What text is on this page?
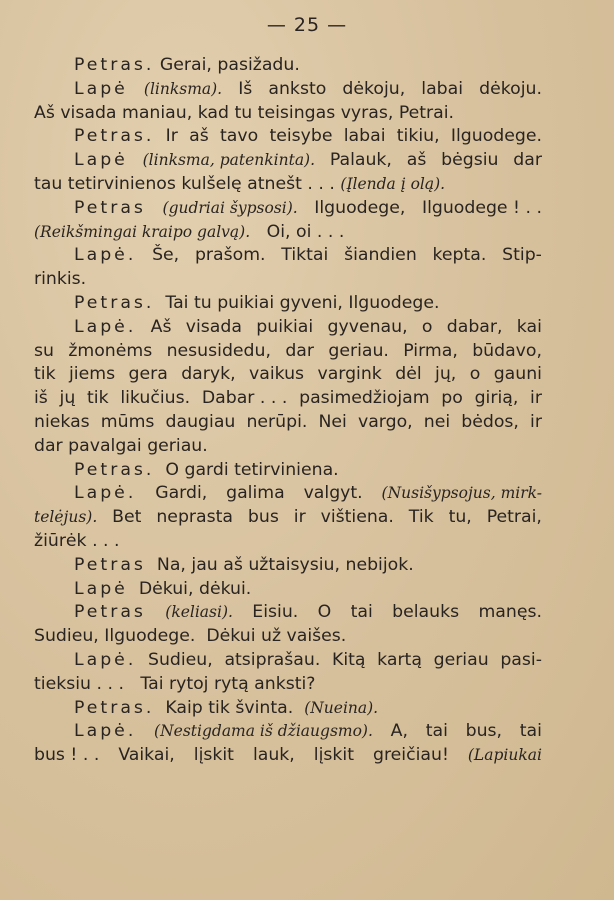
— 25 —
Petras. Gerai, pasižadu.
Lapė (linksma). Iš anksto dėkoju, labai dėkoju.
Aš visada maniau, kad tu teisingas vyras, Petrai.
Petras. Ir aš tavo teisybe labai tikiu, Ilguodege.
Lapė (linksma, patenkinta). Palauk, aš bėgsiu dar
tau tetirvinienos kulšelę atnešt . . . (Įlenda į olą).
Petras (gudriai šypsosi). Ilguodege, Ilguodege ! . .
(Reikšmingai kraipo galvą). Oi, oi . . .
Lapė. Še, prašom. Tiktai šiandien kepta. Stip-
rinkis.
Petras. Tai tu puikiai gyveni, Ilguodege.
Lapė. Aš visada puikiai gyvenau, o dabar, kai
su žmonėms nesusidedu, dar geriau. Pirma, būdavo,
tik jiems gera daryk, vaikus vargink dėl jų, o gauni
iš jų tik likučius. Dabar . . . pasimedžiojam po girią, ir
niekas mūms daugiau nerūpi. Nei vargo, nei bėdos, ir
dar pavalgai geriau.
Petras. O gardi tetirviniena.
Lapė. Gardi, galima valgyt. (Nusišypsojus, mirk-
telėjus). Bet neprasta bus ir vištiena. Tik tu, Petrai,
žiūrėk . . .
Petras Na, jau aš užtaisysiu, nebijok.
Lapė Dėkui, dėkui.
Petras (keliasi). Eisiu. O tai belauks manęs.
Sudieu, Ilguodege.  Dėkui už vaišes.
Lapė. Sudieu, atsiprašau. Kitą kartą geriau pasi-
tieksiu . . .   Tai rytoj rytą anksti?
Petras. Kaip tik švinta. (Nueina).
Lapė. (Nestigdama iš džiaugsmo). A, tai bus, tai
bus ! . . Vaikai, lįskit lauk, lįskit greičiau! (Lapiukai
